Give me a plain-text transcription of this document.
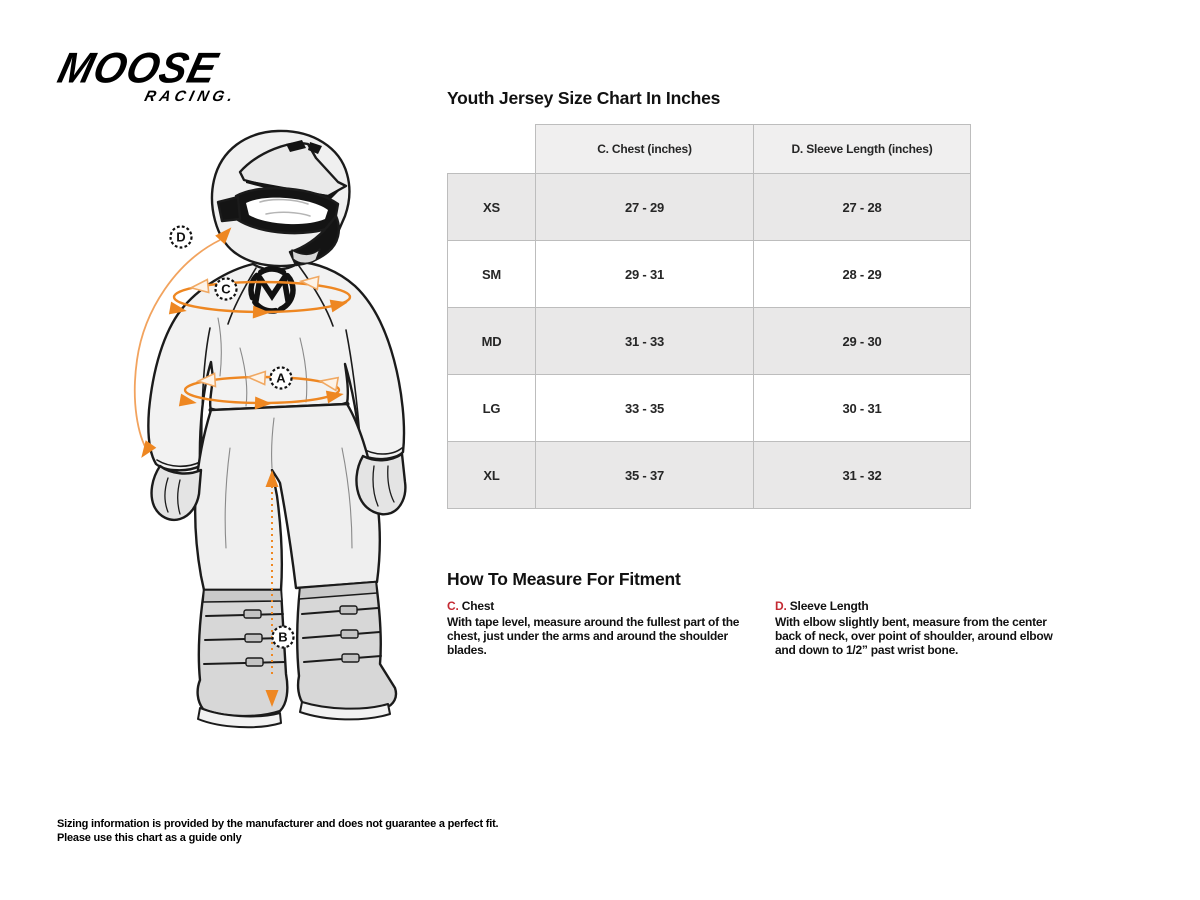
MOOSE
RACING.
D
C
A
B
Youth Jersey Size Chart In Inches
	C. Chest (inches)	D. Sleeve Length (inches)
XS	27 - 29	27 - 28
SM	29 - 31	28 - 29
MD	31 - 33	29 - 30
LG	33 - 35	30 - 31
XL	35 - 37	31 - 32
How To Measure For Fitment
C. Chest
With tape level, measure around the fullest part of the chest, just under the arms and around the shoulder blades.
D. Sleeve Length
With elbow slightly bent, measure from the center back of neck, over point of shoulder, around elbow and down to 1/2” past wrist bone.
Sizing information is provided by the manufacturer and does not guarantee a perfect fit.
Please use this chart as a guide only
